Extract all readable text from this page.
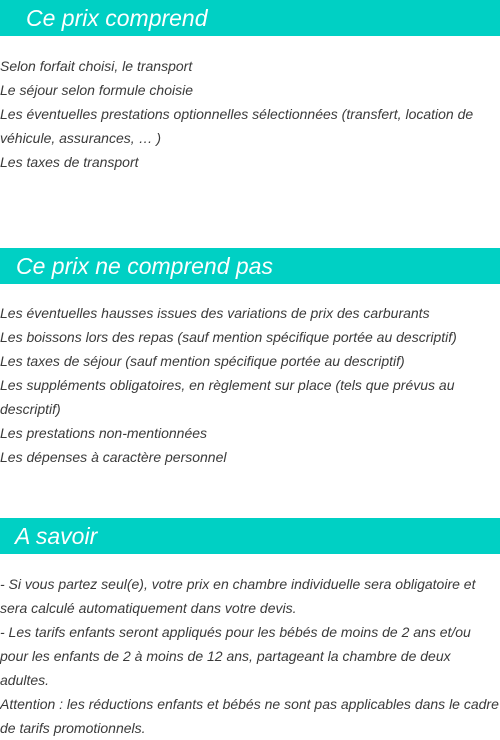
Ce prix comprend
Selon forfait choisi, le transport
Le séjour selon formule choisie
Les éventuelles prestations optionnelles sélectionnées (transfert, location de véhicule, assurances, … )
Les taxes de transport
Ce prix ne comprend pas
Les éventuelles hausses issues des variations de prix des carburants
Les boissons lors des repas (sauf mention spécifique portée au descriptif)
Les taxes de séjour (sauf mention spécifique portée au descriptif)
Les suppléments obligatoires, en règlement sur place (tels que prévus au descriptif)
Les prestations non-mentionnées
Les dépenses à caractère personnel
A savoir
- Si vous partez seul(e), votre prix en chambre individuelle sera obligatoire et sera calculé automatiquement dans votre devis.
- Les tarifs enfants seront appliqués pour les bébés de moins de 2 ans et/ou pour les enfants de 2 à moins de 12 ans, partageant la chambre de deux adultes.
Attention : les réductions enfants et bébés ne sont pas applicables dans le cadre de tarifs promotionnels.
